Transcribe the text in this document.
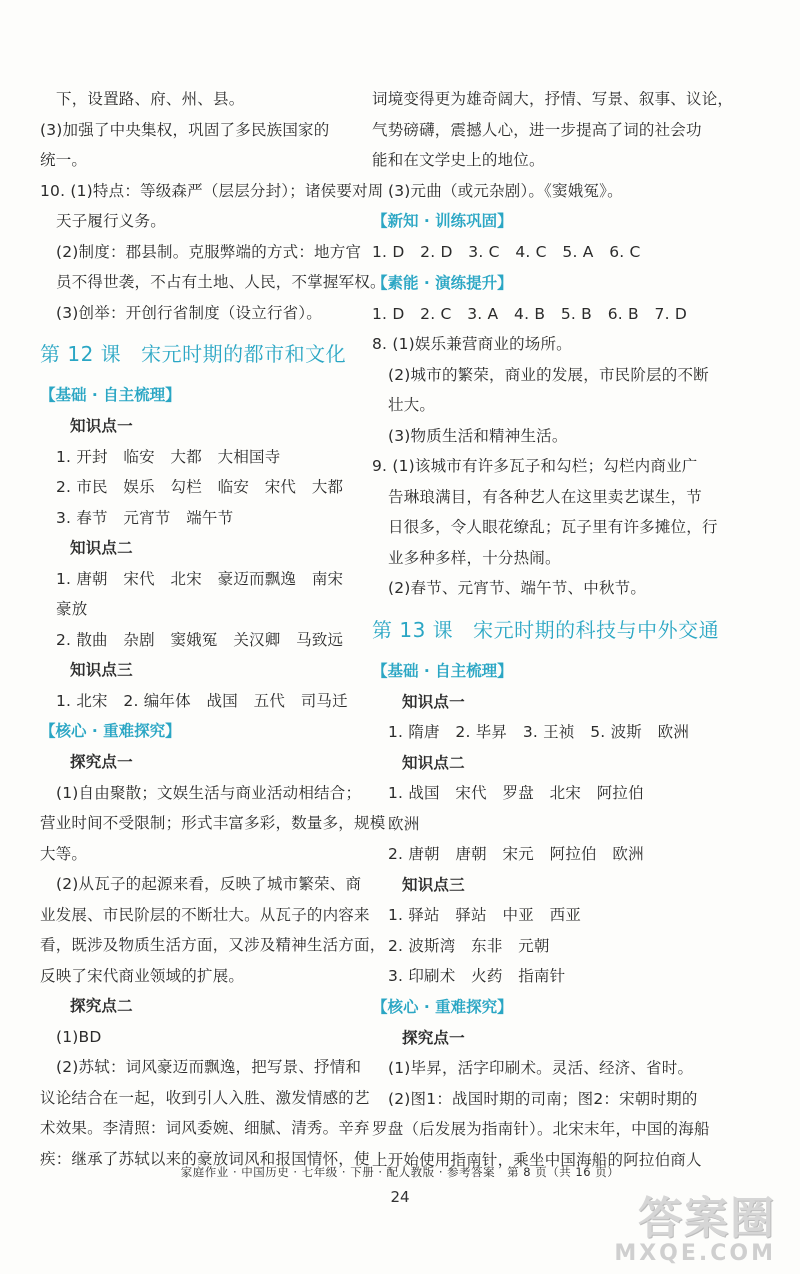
下，设置路、府、州、县。
(3)加强了中央集权，巩固了多民族国家的
统一。
10. (1)特点：等级森严（层层分封）；诸侯要对周
天子履行义务。
(2)制度：郡县制。克服弊端的方式：地方官
员不得世袭，不占有土地、人民，不掌握军权。
(3)创举：开创行省制度（设立行省）。
第 12 课 宋元时期的都市和文化
【基础 · 自主梳理】
知识点一
1. 开封　临安　大都　大相国寺
2. 市民　娱乐　勾栏　临安　宋代　大都
3. 春节　元宵节　端午节
知识点二
1. 唐朝　宋代　北宋　豪迈而飘逸　南宋
豪放
2. 散曲　杂剧　窦娥冤　关汉卿　马致远
知识点三
1. 北宋　2. 编年体　战国　五代　司马迁
【核心 · 重难探究】
探究点一
(1)自由聚散；文娱生活与商业活动相结合；
营业时间不受限制；形式丰富多彩，数量多，规模
大等。
(2)从瓦子的起源来看，反映了城市繁荣、商
业发展、市民阶层的不断壮大。从瓦子的内容来
看，既涉及物质生活方面，又涉及精神生活方面，
反映了宋代商业领域的扩展。
探究点二
(1)BD
(2)苏轼：词风豪迈而飘逸，把写景、抒情和
议论结合在一起，收到引人入胜、激发情感的艺
术效果。李清照：词风委婉、细腻、清秀。辛弃
疾：继承了苏轼以来的豪放词风和报国情怀，使
词境变得更为雄奇阔大，抒情、写景、叙事、议论，
气势磅礴，震撼人心，进一步提高了词的社会功
能和在文学史上的地位。
(3)元曲（或元杂剧）。《窦娥冤》。
【新知 · 训练巩固】
1. D　2. D　3. C　4. C　5. A　6. C
【素能 · 演练提升】
1. D　2. C　3. A　4. B　5. B　6. B　7. D
8. (1)娱乐兼营商业的场所。
(2)城市的繁荣，商业的发展，市民阶层的不断
壮大。
(3)物质生活和精神生活。
9. (1)该城市有许多瓦子和勾栏；勾栏内商业广
告琳琅满目，有各种艺人在这里卖艺谋生，节
日很多，令人眼花缭乱；瓦子里有许多摊位，行
业多种多样，十分热闹。
(2)春节、元宵节、端午节、中秋节。
第 13 课 宋元时期的科技与中外交通
【基础 · 自主梳理】
知识点一
1. 隋唐　2. 毕昇　3. 王祯　5. 波斯　欧洲
知识点二
1. 战国　宋代　罗盘　北宋　阿拉伯
欧洲
2. 唐朝　唐朝　宋元　阿拉伯　欧洲
知识点三
1. 驿站　驿站　中亚　西亚
2. 波斯湾　东非　元朝
3. 印刷术　火药　指南针
【核心 · 重难探究】
探究点一
(1)毕昇，活字印刷术。灵活、经济、省时。
(2)图1：战国时期的司南；图2：宋朝时期的
罗盘（后发展为指南针）。北宋末年，中国的海船
上开始使用指南针，乘坐中国海船的阿拉伯商人
家庭作业 · 中国历史 · 七年级 · 下册 · 配人教版 · 参考答案　第 8 页（共 16 页）
24	答案圈
MXQE.COM
